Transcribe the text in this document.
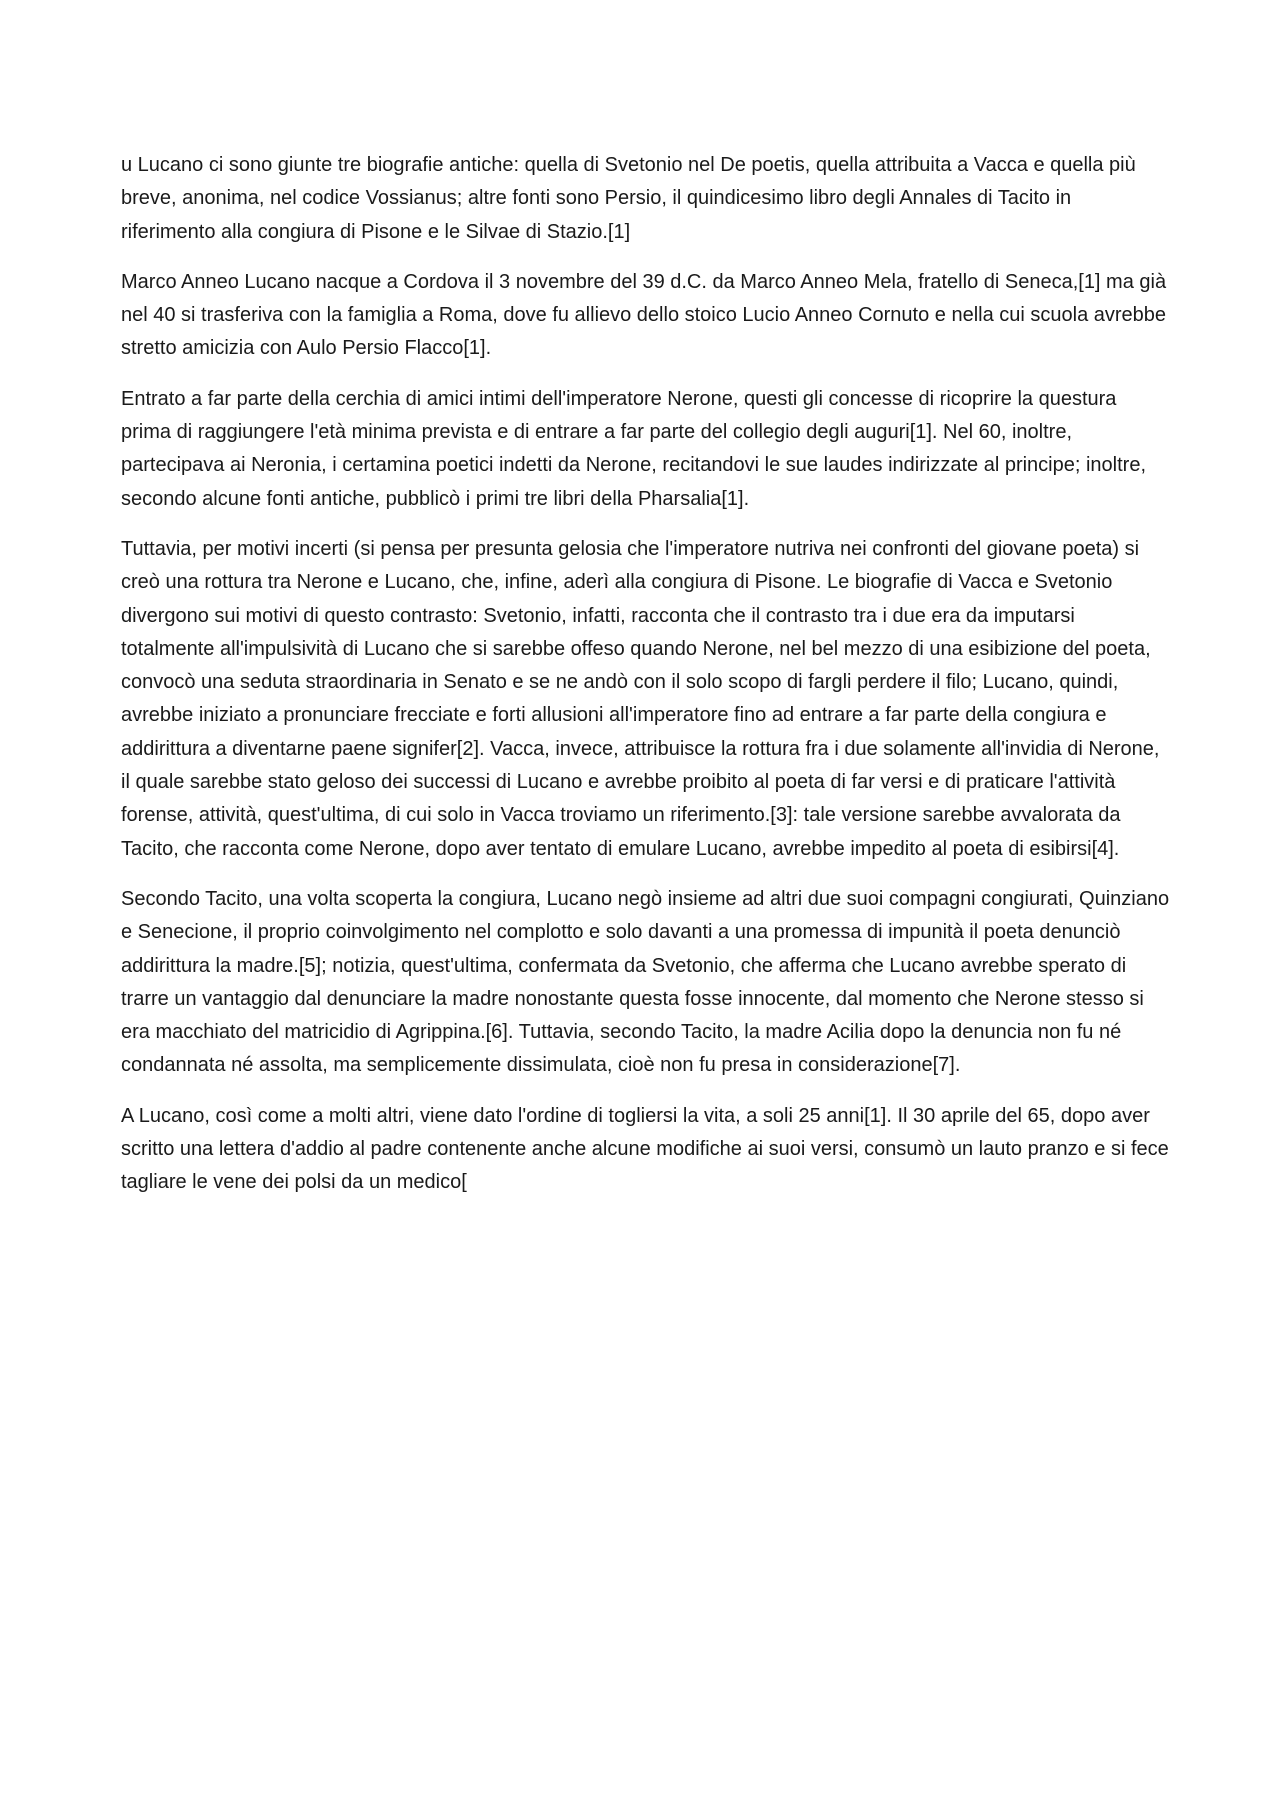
u Lucano ci sono giunte tre biografie antiche: quella di Svetonio nel De poetis, quella attribuita a Vacca e quella più breve, anonima, nel codice Vossianus; altre fonti sono Persio, il quindicesimo libro degli Annales di Tacito in riferimento alla congiura di Pisone e le Silvae di Stazio.[1]

Marco Anneo Lucano nacque a Cordova il 3 novembre del 39 d.C. da Marco Anneo Mela, fratello di Seneca,[1] ma già nel 40 si trasferiva con la famiglia a Roma, dove fu allievo dello stoico Lucio Anneo Cornuto e nella cui scuola avrebbe stretto amicizia con Aulo Persio Flacco[1].

Entrato a far parte della cerchia di amici intimi dell'imperatore Nerone, questi gli concesse di ricoprire la questura prima di raggiungere l'età minima prevista e di entrare a far parte del collegio degli auguri[1]. Nel 60, inoltre, partecipava ai Neronia, i certamina poetici indetti da Nerone, recitandovi le sue laudes indirizzate al principe; inoltre, secondo alcune fonti antiche, pubblicò i primi tre libri della Pharsalia[1].

Tuttavia, per motivi incerti (si pensa per presunta gelosia che l'imperatore nutriva nei confronti del giovane poeta) si creò una rottura tra Nerone e Lucano, che, infine, aderì alla congiura di Pisone. Le biografie di Vacca e Svetonio divergono sui motivi di questo contrasto: Svetonio, infatti, racconta che il contrasto tra i due era da imputarsi totalmente all'impulsività di Lucano che si sarebbe offeso quando Nerone, nel bel mezzo di una esibizione del poeta, convocò una seduta straordinaria in Senato e se ne andò con il solo scopo di fargli perdere il filo; Lucano, quindi, avrebbe iniziato a pronunciare frecciate e forti allusioni all'imperatore fino ad entrare a far parte della congiura e addirittura a diventarne paene signifer[2]. Vacca, invece, attribuisce la rottura fra i due solamente all'invidia di Nerone, il quale sarebbe stato geloso dei successi di Lucano e avrebbe proibito al poeta di far versi e di praticare l'attività forense, attività, quest'ultima, di cui solo in Vacca troviamo un riferimento.[3]: tale versione sarebbe avvalorata da Tacito, che racconta come Nerone, dopo aver tentato di emulare Lucano, avrebbe impedito al poeta di esibirsi[4].

Secondo Tacito, una volta scoperta la congiura, Lucano negò insieme ad altri due suoi compagni congiurati, Quinziano e Senecione, il proprio coinvolgimento nel complotto e solo davanti a una promessa di impunità il poeta denunciò addirittura la madre.[5]; notizia, quest'ultima, confermata da Svetonio, che afferma che Lucano avrebbe sperato di trarre un vantaggio dal denunciare la madre nonostante questa fosse innocente, dal momento che Nerone stesso si era macchiato del matricidio di Agrippina.[6]. Tuttavia, secondo Tacito, la madre Acilia dopo la denuncia non fu né condannata né assolta, ma semplicemente dissimulata, cioè non fu presa in considerazione[7].

A Lucano, così come a molti altri, viene dato l'ordine di togliersi la vita, a soli 25 anni[1]. Il 30 aprile del 65, dopo aver scritto una lettera d'addio al padre contenente anche alcune modifiche ai suoi versi, consumò un lauto pranzo e si fece tagliare le vene dei polsi da un medico[
